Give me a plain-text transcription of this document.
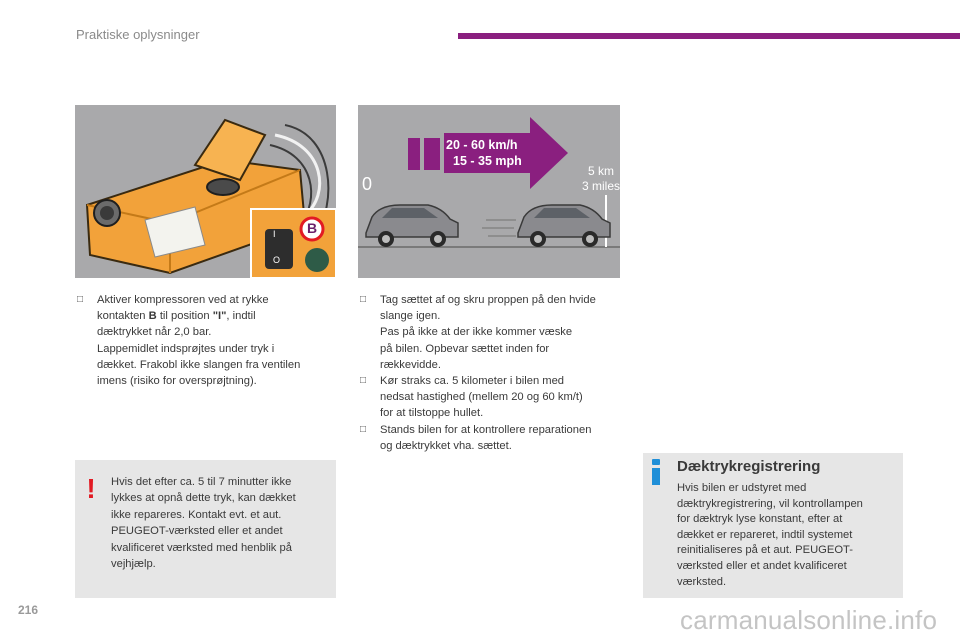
Praktiske oplysninger
B
I
O
20 - 60 km/h
15 - 35 mph
0
5 km
3 miles
□ Aktiver kompressoren ved at rykke

kontakten B til position "I", indtil

dæktrykket når 2,0 bar.

Lappemidlet indsprøjtes under tryk i

dækket. Frakobl ikke slangen fra ventilen

imens (risiko for oversprøjtning).

□ Tag sættet af og skru proppen på den hvide

slange igen.

Pas på ikke at der ikke kommer væske

på bilen. Opbevar sættet inden for

rækkevidde.

□ Kør straks ca. 5 kilometer i bilen med

nedsat hastighed (mellem 20 og 60 km/t)

for at tilstoppe hullet.

□ Stands bilen for at kontrollere reparationen

og dæktrykket vha. sættet.

! Hvis det efter ca. 5 til 7 minutter ikke
lykkes at opnå dette tryk, kan dækket
ikke repareres. Kontakt evt. et aut.
PEUGEOT-værksted eller et andet
kvalificeret værksted med henblik på
vejhjælp.
Dæktrykregistrering
Hvis bilen er udstyret med
dæktrykregistrering, vil kontrollampen
for dæktryk lyse konstant, efter at
dækket er repareret, indtil systemet
reinitialiseres på et aut. PEUGEOT-
værksted eller et andet kvalificeret
værksted.
216	carmanualsonline.info
